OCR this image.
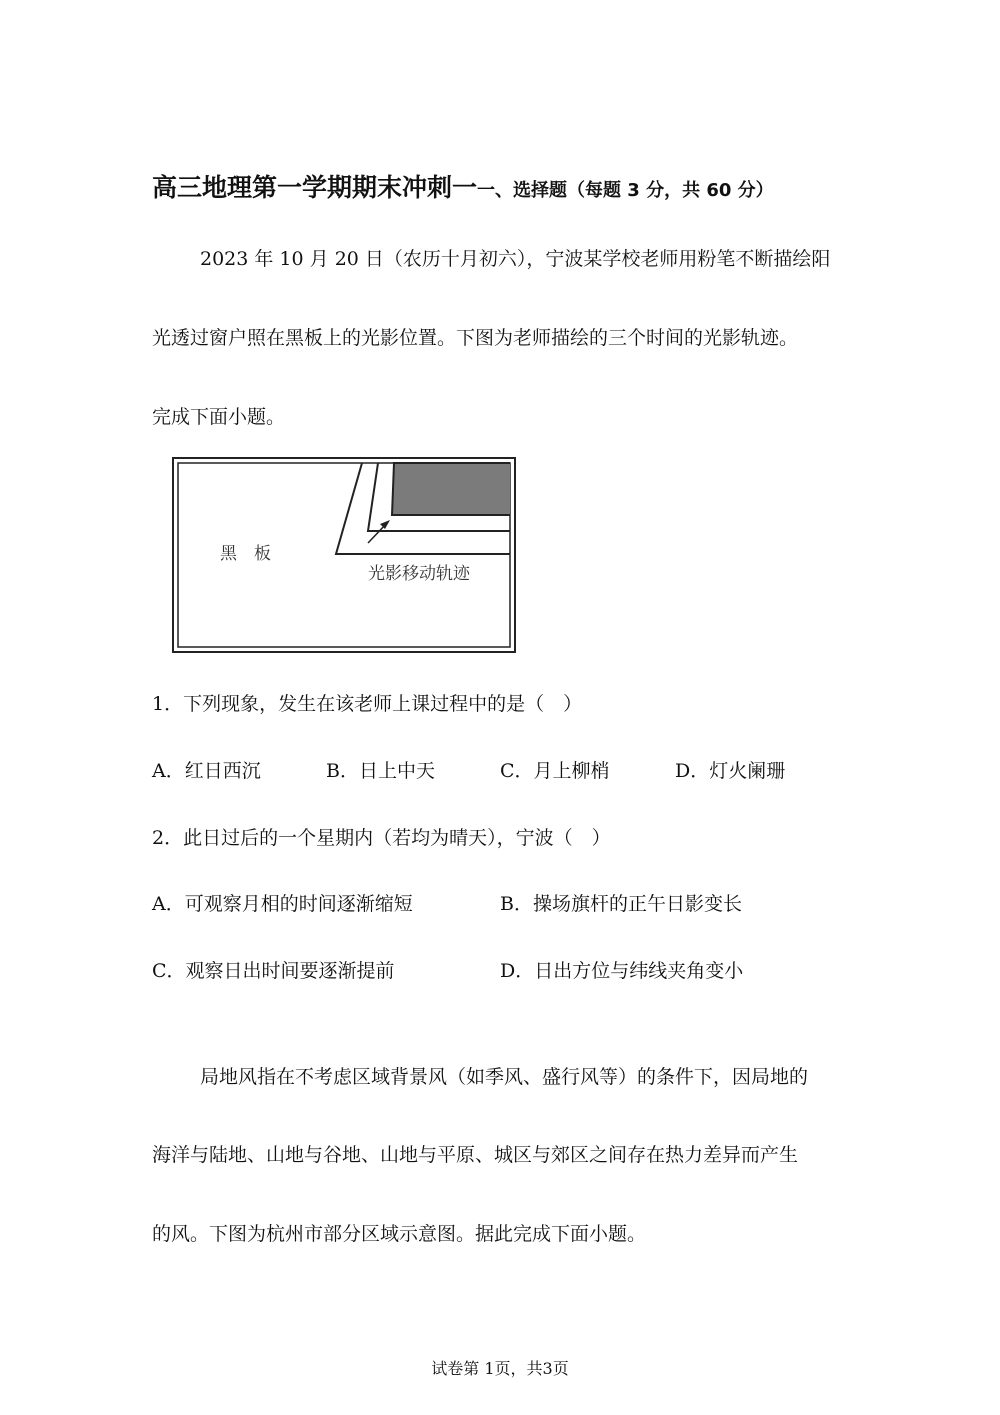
高三地理第一学期期末冲刺一一、选择题（每题 3 分，共 60 分）
2023 年 10 月 20 日（农历十月初六），宁波某学校老师用粉笔不断描绘阳
光透过窗户照在黑板上的光影位置。下图为老师描绘的三个时间的光影轨迹。
完成下面小题。
黑　板
光影移动轨迹
1．下列现象，发生在该老师上课过程中的是（　）
A．红日西沉	B．日上中天	C．月上柳梢	D．灯火阑珊
2．此日过后的一个星期内（若均为晴天），宁波（　）
A．可观察月相的时间逐渐缩短	B．操场旗杆的正午日影变长
C．观察日出时间要逐渐提前	D．日出方位与纬线夹角变小
局地风指在不考虑区域背景风（如季风、盛行风等）的条件下，因局地的
海洋与陆地、山地与谷地、山地与平原、城区与郊区之间存在热力差异而产生
的风。下图为杭州市部分区域示意图。据此完成下面小题。
试卷第 1页，共3页
